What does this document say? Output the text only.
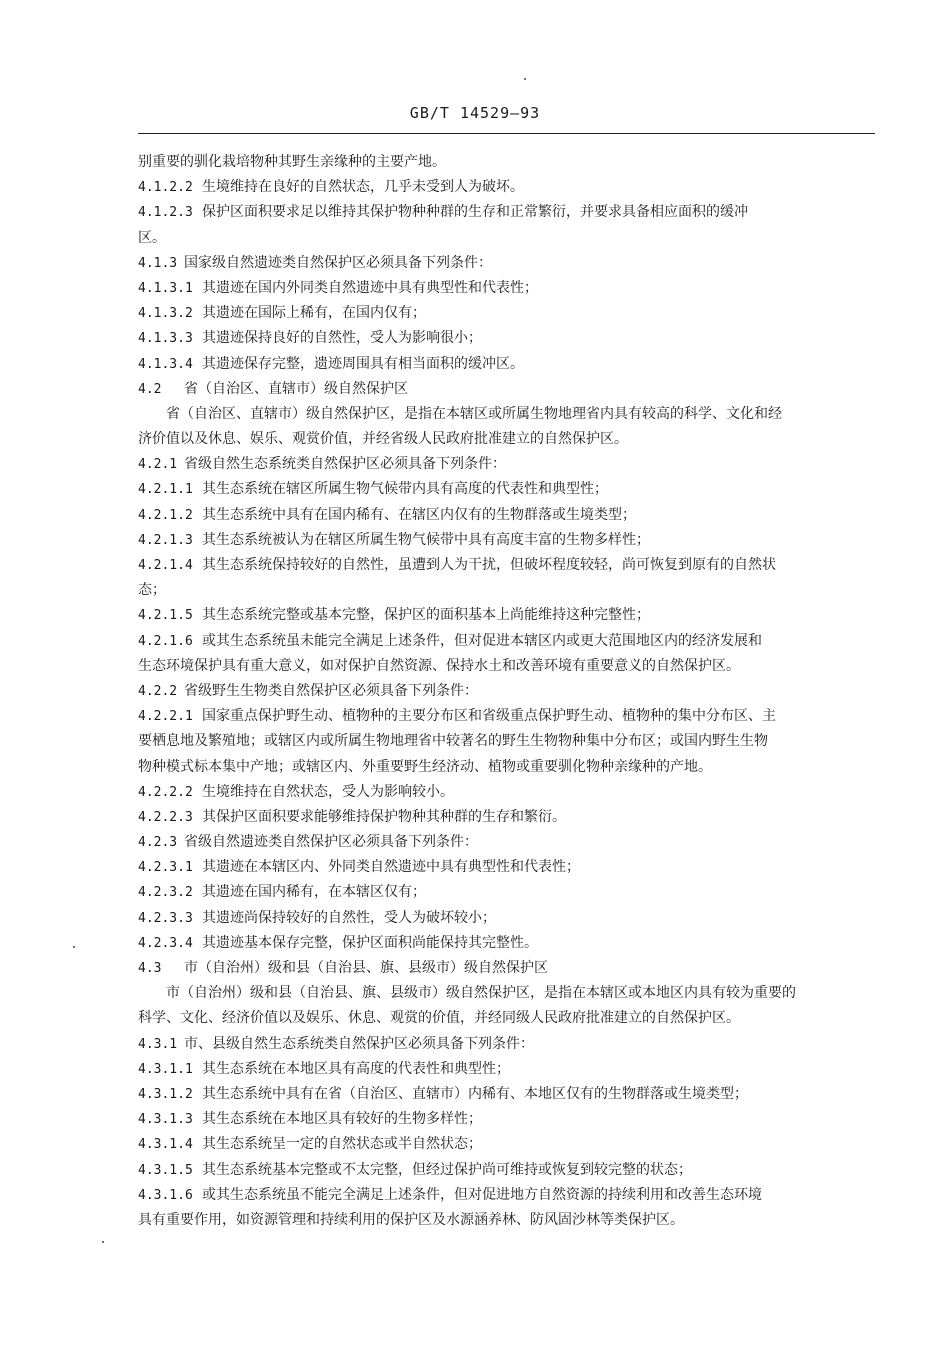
GB/T 14529—93
别重要的驯化栽培物种其野生亲缘种的主要产地。
4.1.2.2 生境维持在良好的自然状态，几乎未受到人为破坏。
4.1.2.3 保护区面积要求足以维持其保护物种种群的生存和正常繁衍，并要求具备相应面积的缓冲
区。
4.1.3 国家级自然遗迹类自然保护区必须具备下列条件：
4.1.3.1 其遗迹在国内外同类自然遗迹中具有典型性和代表性；
4.1.3.2 其遗迹在国际上稀有，在国内仅有；
4.1.3.3 其遗迹保持良好的自然性，受人为影响很小；
4.1.3.4 其遗迹保存完整，遗迹周围具有相当面积的缓冲区。
4.2 省（自治区、直辖市）级自然保护区
省（自治区、直辖市）级自然保护区，是指在本辖区或所属生物地理省内具有较高的科学、文化和经
济价值以及休息、娱乐、观赏价值，并经省级人民政府批准建立的自然保护区。
4.2.1 省级自然生态系统类自然保护区必须具备下列条件：
4.2.1.1 其生态系统在辖区所属生物气候带内具有高度的代表性和典型性；
4.2.1.2 其生态系统中具有在国内稀有、在辖区内仅有的生物群落或生境类型；
4.2.1.3 其生态系统被认为在辖区所属生物气候带中具有高度丰富的生物多样性；
4.2.1.4 其生态系统保持较好的自然性，虽遭到人为干扰，但破坏程度较轻，尚可恢复到原有的自然状
态；
4.2.1.5 其生态系统完整或基本完整，保护区的面积基本上尚能维持这种完整性；
4.2.1.6 或其生态系统虽未能完全满足上述条件，但对促进本辖区内或更大范围地区内的经济发展和
生态环境保护具有重大意义，如对保护自然资源、保持水土和改善环境有重要意义的自然保护区。
4.2.2 省级野生生物类自然保护区必须具备下列条件：
4.2.2.1 国家重点保护野生动、植物种的主要分布区和省级重点保护野生动、植物种的集中分布区、主
要栖息地及繁殖地；或辖区内或所属生物地理省中较著名的野生生物物种集中分布区；或国内野生生物
物种模式标本集中产地；或辖区内、外重要野生经济动、植物或重要驯化物种亲缘种的产地。
4.2.2.2 生境维持在自然状态，受人为影响较小。
4.2.2.3 其保护区面积要求能够维持保护物种其种群的生存和繁衍。
4.2.3 省级自然遗迹类自然保护区必须具备下列条件：
4.2.3.1 其遗迹在本辖区内、外同类自然遗迹中具有典型性和代表性；
4.2.3.2 其遗迹在国内稀有，在本辖区仅有；
4.2.3.3 其遗迹尚保持较好的自然性，受人为破坏较小；
4.2.3.4 其遗迹基本保存完整，保护区面积尚能保持其完整性。
4.3 市（自治州）级和县（自治县、旗、县级市）级自然保护区
市（自治州）级和县（自治县、旗、县级市）级自然保护区，是指在本辖区或本地区内具有较为重要的
科学、文化、经济价值以及娱乐、休息、观赏的价值，并经同级人民政府批准建立的自然保护区。
4.3.1 市、县级自然生态系统类自然保护区必须具备下列条件：
4.3.1.1 其生态系统在本地区具有高度的代表性和典型性；
4.3.1.2 其生态系统中具有在省（自治区、直辖市）内稀有、本地区仅有的生物群落或生境类型；
4.3.1.3 其生态系统在本地区具有较好的生物多样性；
4.3.1.4 其生态系统呈一定的自然状态或半自然状态；
4.3.1.5 其生态系统基本完整或不太完整，但经过保护尚可维持或恢复到较完整的状态；
4.3.1.6 或其生态系统虽不能完全满足上述条件，但对促进地方自然资源的持续利用和改善生态环境
具有重要作用，如资源管理和持续利用的保护区及水源涵养林、防风固沙林等类保护区。
